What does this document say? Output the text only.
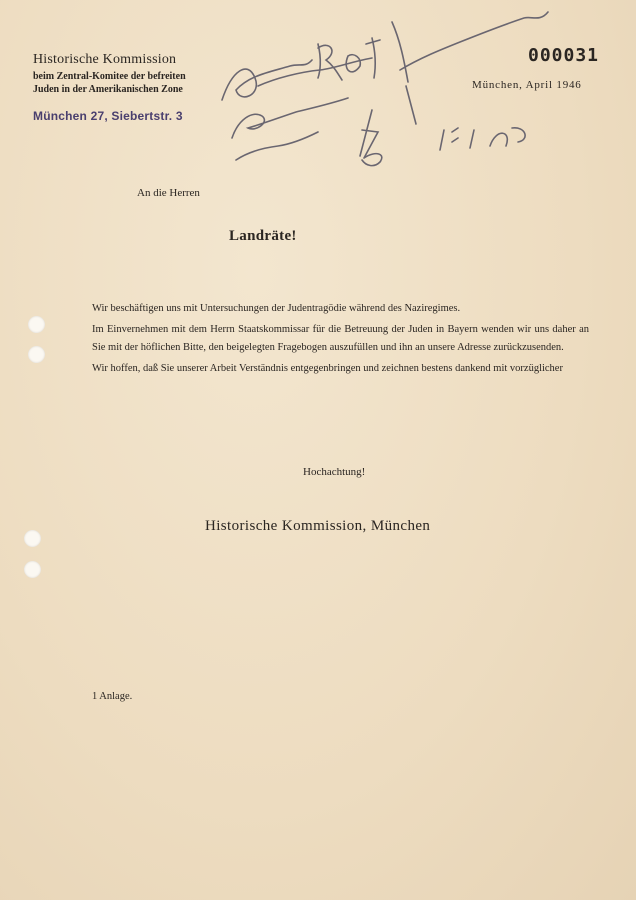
Historische Kommission
beim Zentral-Komitee der befreiten
Juden in der Amerikanischen Zone
München 27, Siebertstr. 3
000031
München, April 1946
An die Herren
Landräte!

Wir beschäftigen uns mit Untersuchungen der Judentragödie während des Naziregimes.

Im Einvernehmen mit dem Herrn Staatskommissar für die Betreuung der Juden in Bayern wenden wir uns daher an Sie mit der höflichen Bitte, den beigelegten Fragebogen auszufüllen und ihn an unsere Adresse zurückzusenden.

Wir hoffen, daß Sie unserer Arbeit Verständnis entgegenbringen und zeichnen bestens dankend mit vorzüglicher

Hochachtung!
Historische Kommission, München
1 Anlage.
